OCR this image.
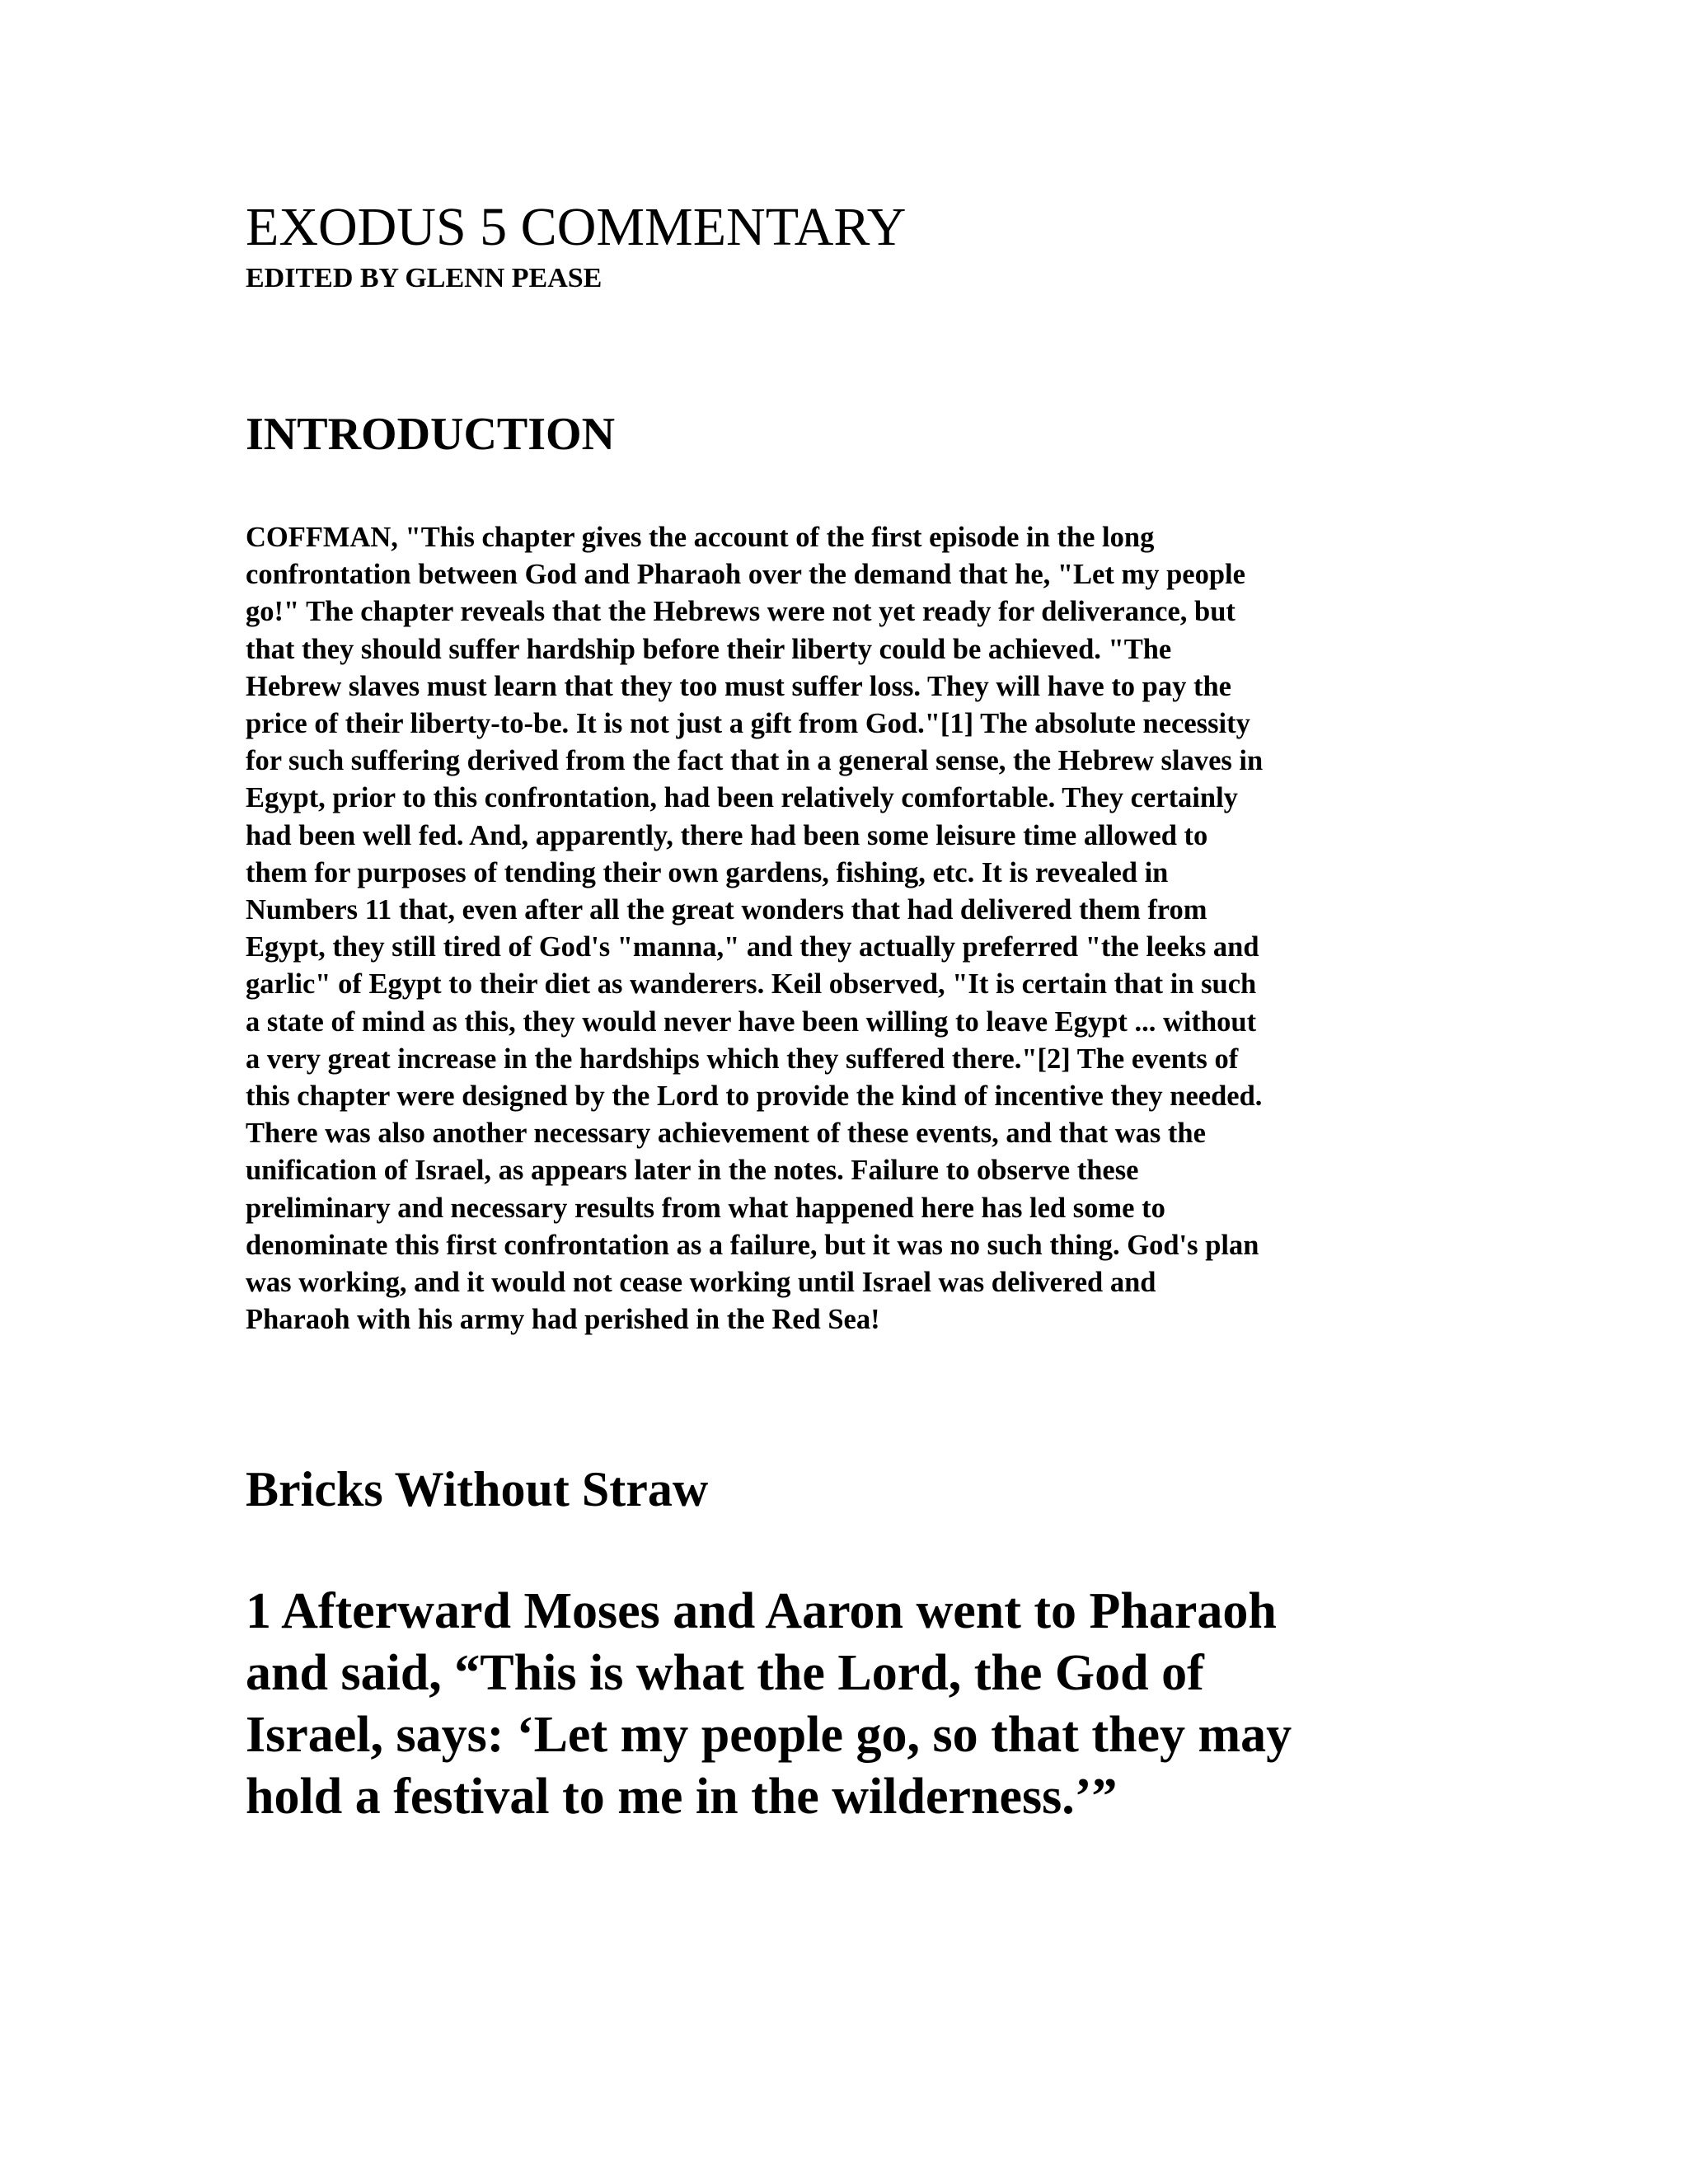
EXODUS 5 COMMENTARY
EDITED BY GLENN PEASE
INTRODUCTION

COFFMAN, "This chapter gives the account of the first episode in the long
confrontation between God and Pharaoh over the demand that he, "Let my people
go!" The chapter reveals that the Hebrews were not yet ready for deliverance, but
that they should suffer hardship before their liberty could be achieved. "The
Hebrew slaves must learn that they too must suffer loss. They will have to pay the
price of their liberty-to-be. It is not just a gift from God."[1] The absolute necessity
for such suffering derived from the fact that in a general sense, the Hebrew slaves in
Egypt, prior to this confrontation, had been relatively comfortable. They certainly
had been well fed. And, apparently, there had been some leisure time allowed to
them for purposes of tending their own gardens, fishing, etc. It is revealed in
Numbers 11 that, even after all the great wonders that had delivered them from
Egypt, they still tired of God's "manna," and they actually preferred "the leeks and
garlic" of Egypt to their diet as wanderers. Keil observed, "It is certain that in such
a state of mind as this, they would never have been willing to leave Egypt ... without
a very great increase in the hardships which they suffered there."[2] The events of
this chapter were designed by the Lord to provide the kind of incentive they needed.
There was also another necessary achievement of these events, and that was the
unification of Israel, as appears later in the notes. Failure to observe these
preliminary and necessary results from what happened here has led some to
denominate this first confrontation as a failure, but it was no such thing. God's plan
was working, and it would not cease working until Israel was delivered and
Pharaoh with his army had perished in the Red Sea!

Bricks Without Straw

1 Afterward Moses and Aaron went to Pharaoh
and said, “This is what the Lord, the God of
Israel, says: ‘Let my people go, so that they may
hold a festival to me in the wilderness.’”
